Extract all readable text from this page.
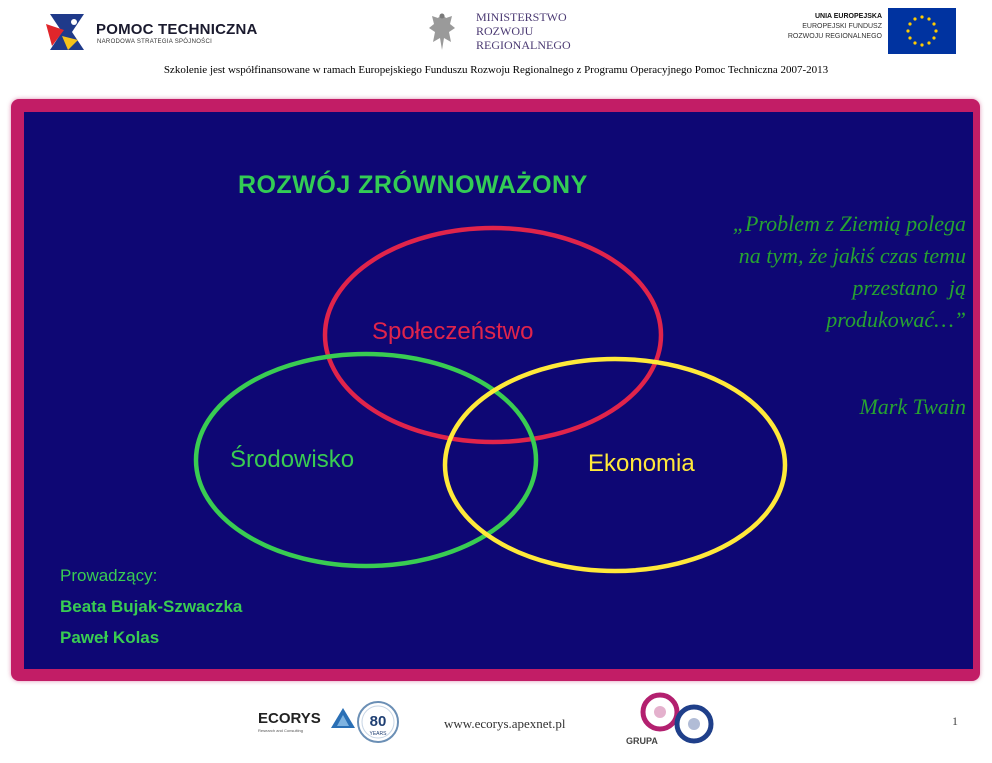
POMOC TECHNICZNA
NARODOWA STRATEGIA SPÓJNOŚCI
MINISTERSTWO
ROZWOJU
REGIONALNEGO
UNIA EUROPEJSKA
EUROPEJSKI FUNDUSZ
ROZWOJU REGIONALNEGO
Szkolenie jest współfinansowane w ramach Europejskiego Funduszu Rozwoju Regionalnego z Programu Operacyjnego Pomoc Techniczna 2007-2013
ROZWÓJ ZRÓWNOWAŻONY
Społeczeństwo
Środowisko	Ekonomia
„Problem z Ziemią polega
na tym, że jakiś czas temu
przestano  ją
produkować…”
Mark Twain
Prowadzący:
Beata Bujak-Szwaczka
Paweł Kolas
ECORYS
Research and Consulting
80
YEARS
www.ecorys.apexnet.pl
GRUPA
1
